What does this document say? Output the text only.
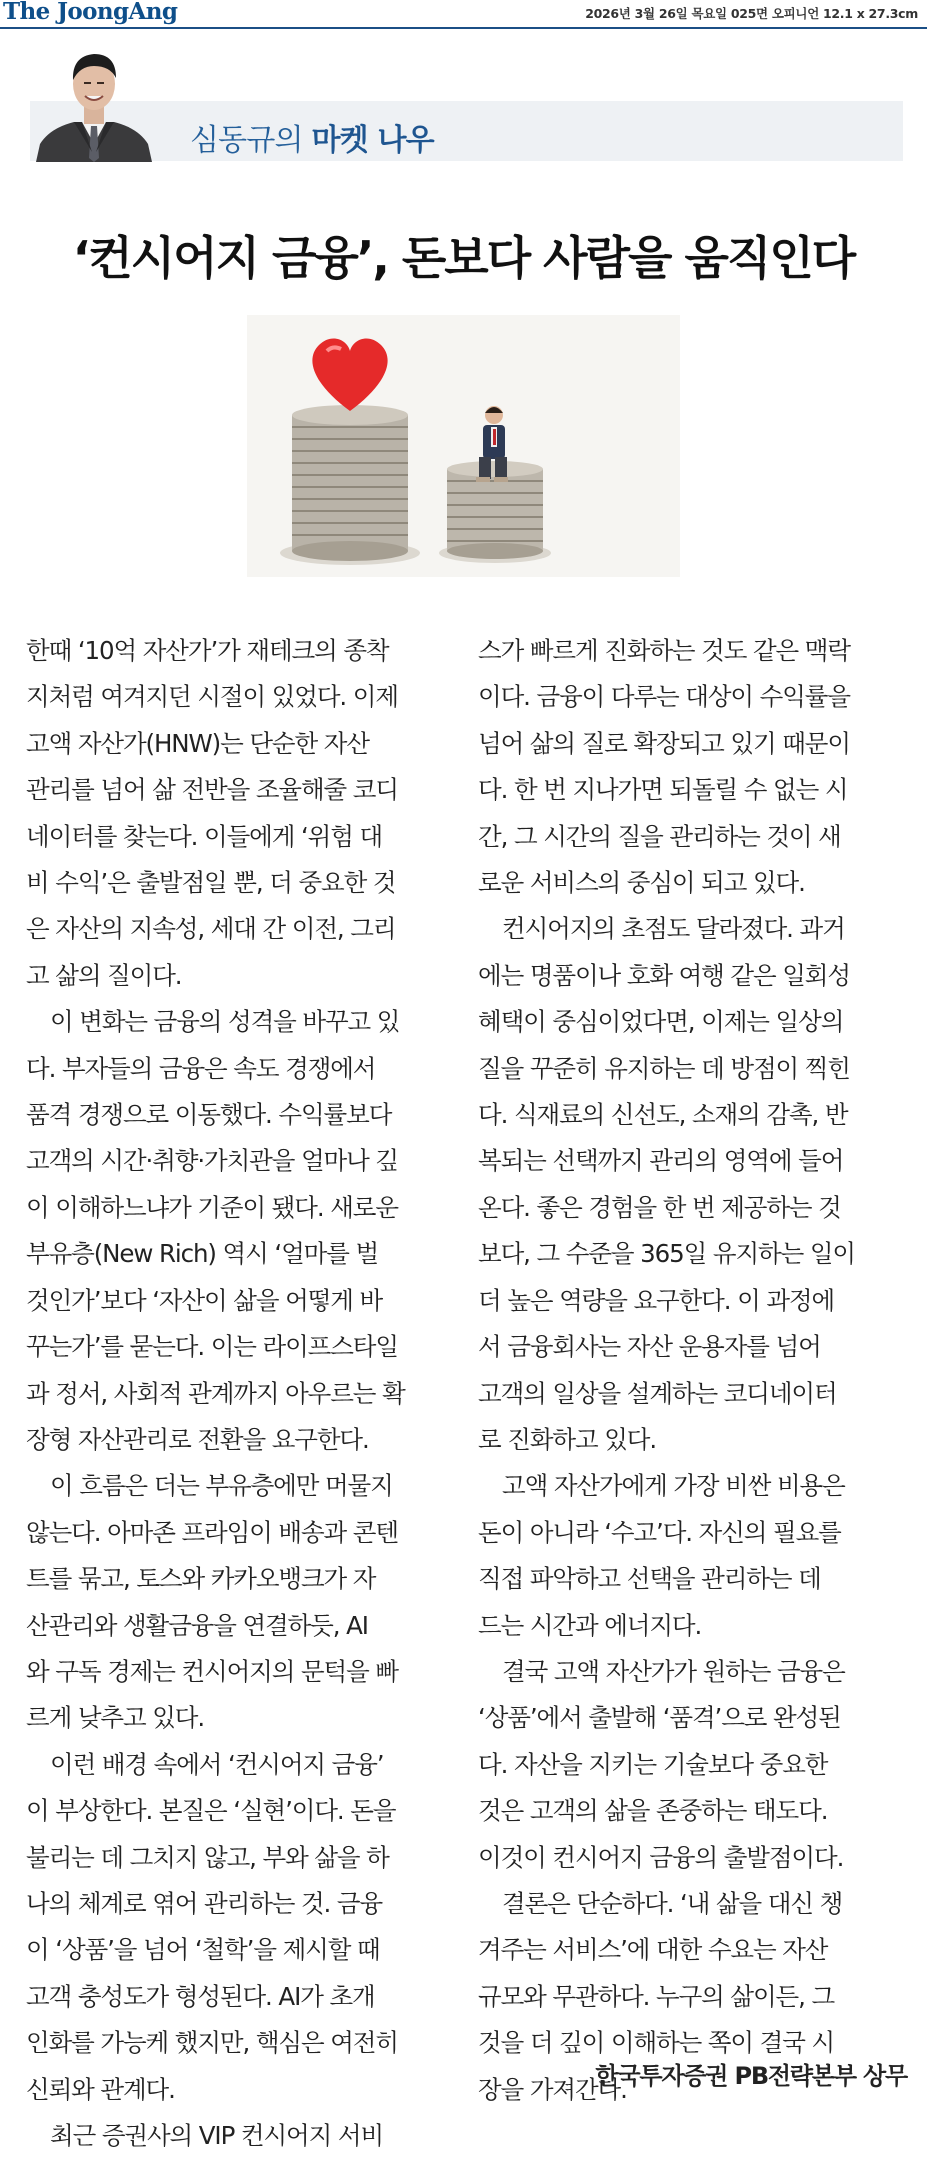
The JoongAng	2026년 3월 26일 목요일 025면 오피니언 12.1 x 27.3cm
심동규의 마켓 나우
‘컨시어지 금융’, 돈보다 사람을 움직인다

한때 ‘10억 자산가’가 재테크의 종착
지처럼 여겨지던 시절이 있었다. 이제
고액 자산가(HNW)는 단순한 자산
관리를 넘어 삶 전반을 조율해줄 코디
네이터를 찾는다. 이들에게 ‘위험 대
비 수익’은 출발점일 뿐, 더 중요한 것
은 자산의 지속성, 세대 간 이전, 그리
고 삶의 질이다.

이 변화는 금융의 성격을 바꾸고 있
다. 부자들의 금융은 속도 경쟁에서
품격 경쟁으로 이동했다. 수익률보다
고객의 시간·취향·가치관을 얼마나 깊
이 이해하느냐가 기준이 됐다. 새로운
부유층(New Rich) 역시 ‘얼마를 벌
것인가’보다 ‘자산이 삶을 어떻게 바
꾸는가’를 묻는다. 이는 라이프스타일
과 정서, 사회적 관계까지 아우르는 확
장형 자산관리로 전환을 요구한다.

이 흐름은 더는 부유층에만 머물지
않는다. 아마존 프라임이 배송과 콘텐
트를 묶고, 토스와 카카오뱅크가 자
산관리와 생활금융을 연결하듯, AI
와 구독 경제는 컨시어지의 문턱을 빠
르게 낮추고 있다.

이런 배경 속에서 ‘컨시어지 금융’
이 부상한다. 본질은 ‘실현’이다. 돈을
불리는 데 그치지 않고, 부와 삶을 하
나의 체계로 엮어 관리하는 것. 금융
이 ‘상품’을 넘어 ‘철학’을 제시할 때
고객 충성도가 형성된다. AI가 초개
인화를 가능케 했지만, 핵심은 여전히
신뢰와 관계다.

최근 증권사의 VIP 컨시어지 서비

스가 빠르게 진화하는 것도 같은 맥락
이다. 금융이 다루는 대상이 수익률을
넘어 삶의 질로 확장되고 있기 때문이
다. 한 번 지나가면 되돌릴 수 없는 시
간, 그 시간의 질을 관리하는 것이 새
로운 서비스의 중심이 되고 있다.

컨시어지의 초점도 달라졌다. 과거
에는 명품이나 호화 여행 같은 일회성
혜택이 중심이었다면, 이제는 일상의
질을 꾸준히 유지하는 데 방점이 찍힌
다. 식재료의 신선도, 소재의 감촉, 반
복되는 선택까지 관리의 영역에 들어
온다. 좋은 경험을 한 번 제공하는 것
보다, 그 수준을 365일 유지하는 일이
더 높은 역량을 요구한다. 이 과정에
서 금융회사는 자산 운용자를 넘어
고객의 일상을 설계하는 코디네이터
로 진화하고 있다.

고액 자산가에게 가장 비싼 비용은
돈이 아니라 ‘수고’다. 자신의 필요를
직접 파악하고 선택을 관리하는 데
드는 시간과 에너지다.

결국 고액 자산가가 원하는 금융은
‘상품’에서 출발해 ‘품격’으로 완성된
다. 자산을 지키는 기술보다 중요한
것은 고객의 삶을 존중하는 태도다.
이것이 컨시어지 금융의 출발점이다.

결론은 단순하다. ‘내 삶을 대신 챙
겨주는 서비스’에 대한 수요는 자산
규모와 무관하다. 누구의 삶이든, 그
것을 더 깊이 이해하는 쪽이 결국 시
장을 가져간다.

한국투자증권 PB전략본부 상무
